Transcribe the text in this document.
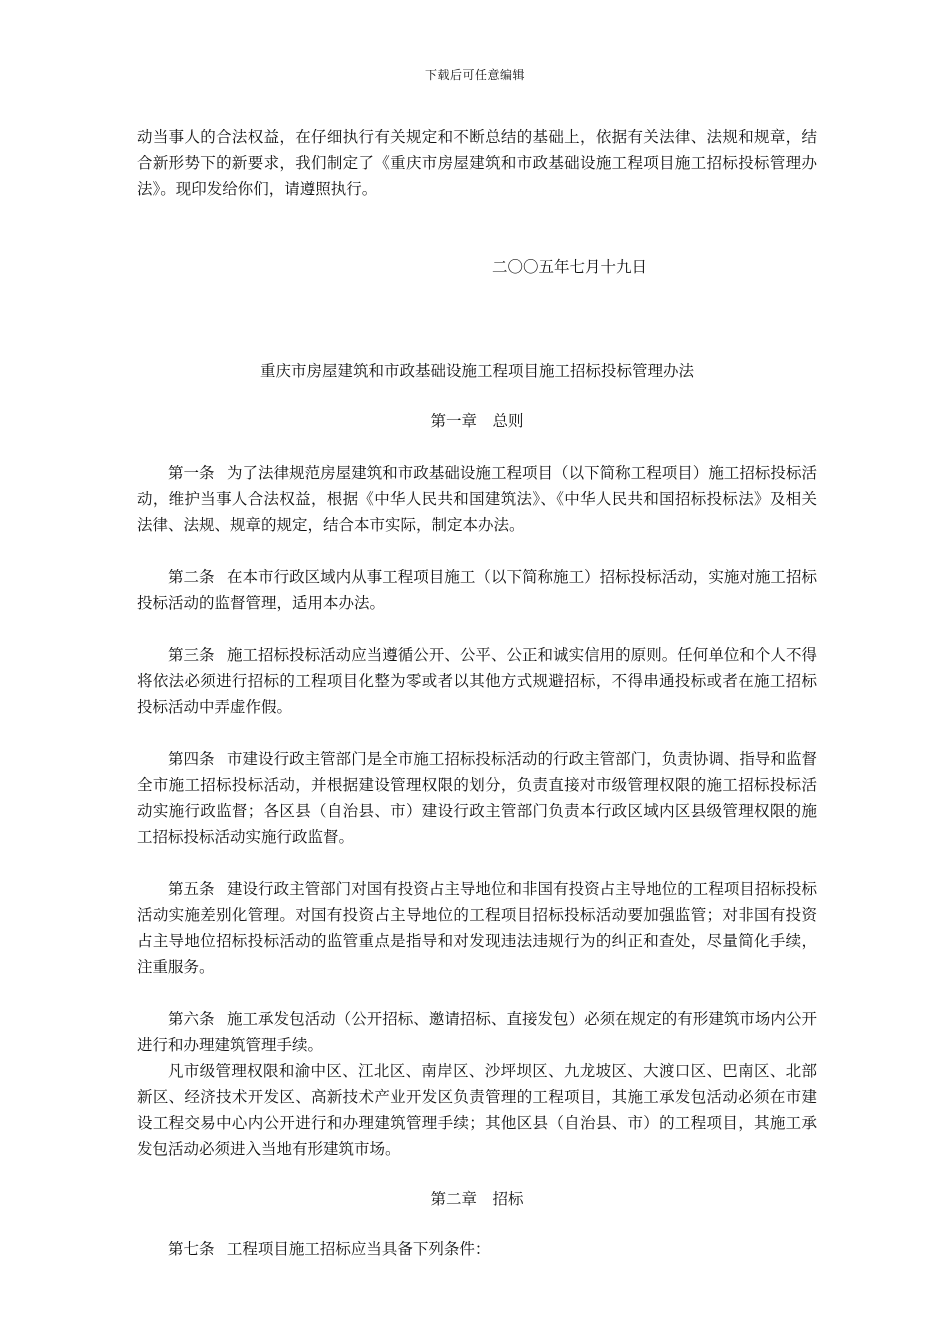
下载后可任意编辑

动当事人的合法权益，在仔细执行有关规定和不断总结的基础上，依据有关法律、法规和规章，结合新形势下的新要求，我们制定了《重庆市房屋建筑和市政基础设施工程项目施工招标投标管理办法》。现印发给你们，请遵照执行。

二〇〇五年七月十九日

重庆市房屋建筑和市政基础设施工程项目施工招标投标管理办法

第一章　总则

第一条 为了法律规范房屋建筑和市政基础设施工程项目（以下简称工程项目）施工招标投标活动，维护当事人合法权益，根据《中华人民共和国建筑法》、《中华人民共和国招标投标法》及相关法律、法规、规章的规定，结合本市实际，制定本办法。

第二条 在本市行政区域内从事工程项目施工（以下简称施工）招标投标活动，实施对施工招标投标活动的监督管理，适用本办法。

第三条 施工招标投标活动应当遵循公开、公平、公正和诚实信用的原则。任何单位和个人不得将依法必须进行招标的工程项目化整为零或者以其他方式规避招标，不得串通投标或者在施工招标投标活动中弄虚作假。

第四条 市建设行政主管部门是全市施工招标投标活动的行政主管部门，负责协调、指导和监督全市施工招标投标活动，并根据建设管理权限的划分，负责直接对市级管理权限的施工招标投标活动实施行政监督；各区县（自治县、市）建设行政主管部门负责本行政区域内区县级管理权限的施工招标投标活动实施行政监督。

第五条 建设行政主管部门对国有投资占主导地位和非国有投资占主导地位的工程项目招标投标活动实施差别化管理。对国有投资占主导地位的工程项目招标投标活动要加强监管；对非国有投资占主导地位招标投标活动的监管重点是指导和对发现违法违规行为的纠正和查处，尽量简化手续，注重服务。

第六条 施工承发包活动（公开招标、邀请招标、直接发包）必须在规定的有形建筑市场内公开进行和办理建筑管理手续。

凡市级管理权限和渝中区、江北区、南岸区、沙坪坝区、九龙坡区、大渡口区、巴南区、北部新区、经济技术开发区、高新技术产业开发区负责管理的工程项目，其施工承发包活动必须在市建设工程交易中心内公开进行和办理建筑管理手续；其他区县（自治县、市）的工程项目，其施工承发包活动必须进入当地有形建筑市场。

第二章　招标

第七条 工程项目施工招标应当具备下列条件：
